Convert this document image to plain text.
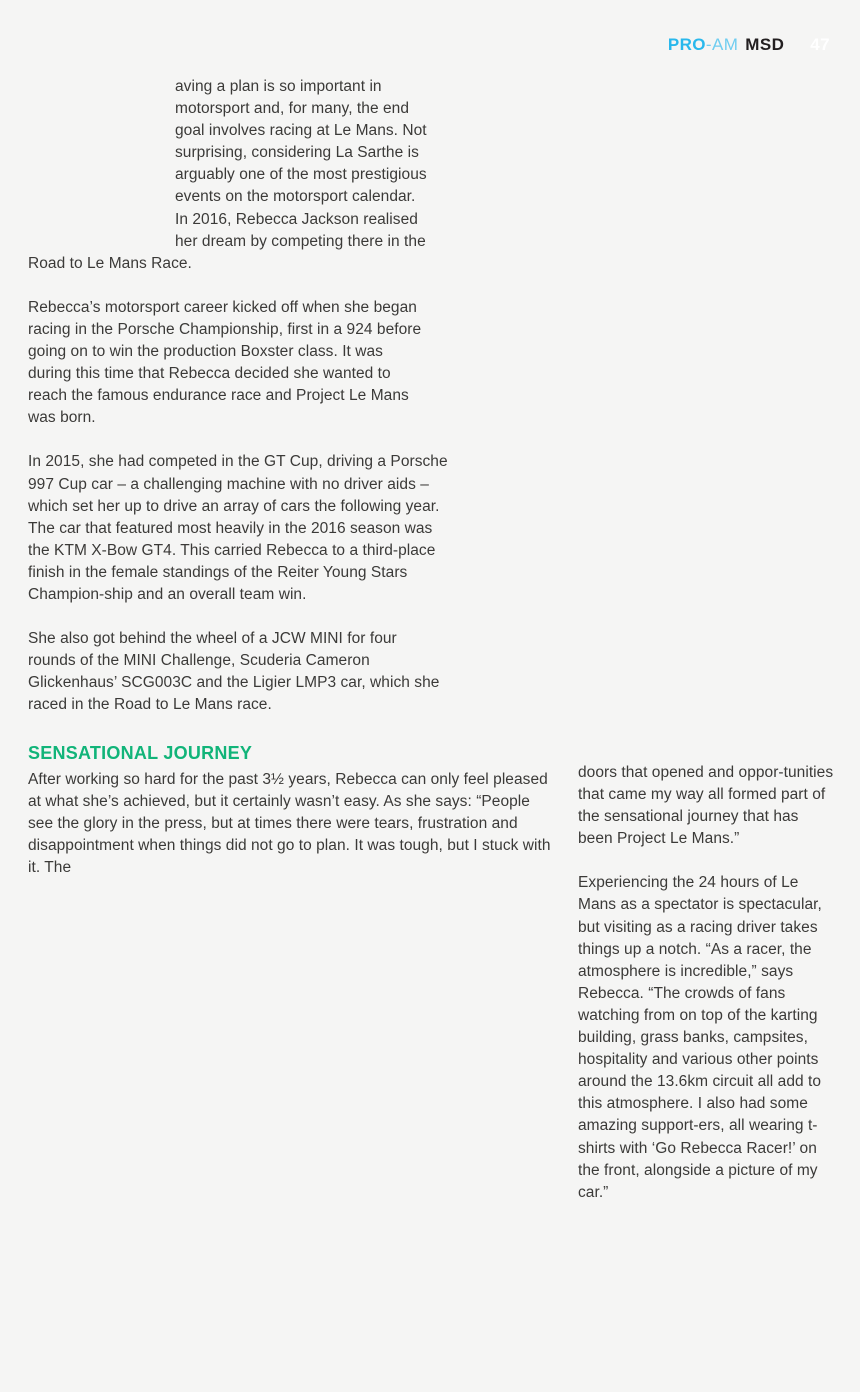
PRO -AM MSD 47

H	aving a plan is so important in motorsport and, for many, the end goal involves racing at Le Mans. Not surprising, considering La Sarthe is arguably one of the most prestigious events on the motorsport calendar. In 2016, Rebecca Jackson realised her dream by competing there in the Road to Le Mans Race.

Rebecca’s motorsport career kicked off when she began racing in the Porsche Championship, first in a 924 before going on to win the production Boxster class. It was during this time that Rebecca decided she wanted to reach the famous endurance race and Project Le Mans was born.

In 2015, she had competed in the GT Cup, driving a Porsche 997 Cup car – a challenging machine with no driver aids – which set her up to drive an array of cars the following year. The car that featured most heavily in the 2016 season was the KTM X-Bow GT4. This carried Rebecca to a third-place finish in the female standings of the Reiter Young Stars Champion-ship and an overall team win.

She also got behind the wheel of a JCW MINI for four rounds of the MINI Challenge, Scuderia Cameron Glickenhaus’ SCG003C and the Ligier LMP3 car, which she raced in the Road to Le Mans race.

SENSATIONAL JOURNEY

After working so hard for the past 3½ years, Rebecca can only feel pleased at what she’s achieved, but it certainly wasn’t easy. As she says: “People see the glory in the press, but at times there were tears, frustration and disappointment when things did not go to plan. It was tough, but I stuck with it. The

doors that opened and oppor-tunities that came my way all formed part of the sensational journey that has been Project Le Mans.”

Experiencing the 24 hours of Le Mans as a spectator is spectacular, but visiting as a racing driver takes things up a notch. “As a racer, the atmosphere is incredible,” says Rebecca. “The crowds of fans watching from on top of the karting building, grass banks, campsites, hospitality and various other points around the 13.6km circuit all add to this atmosphere. I also had some amazing support-ers, all wearing t-shirts with ‘Go Rebecca Racer!’ on the front, alongside a picture of my car.”
